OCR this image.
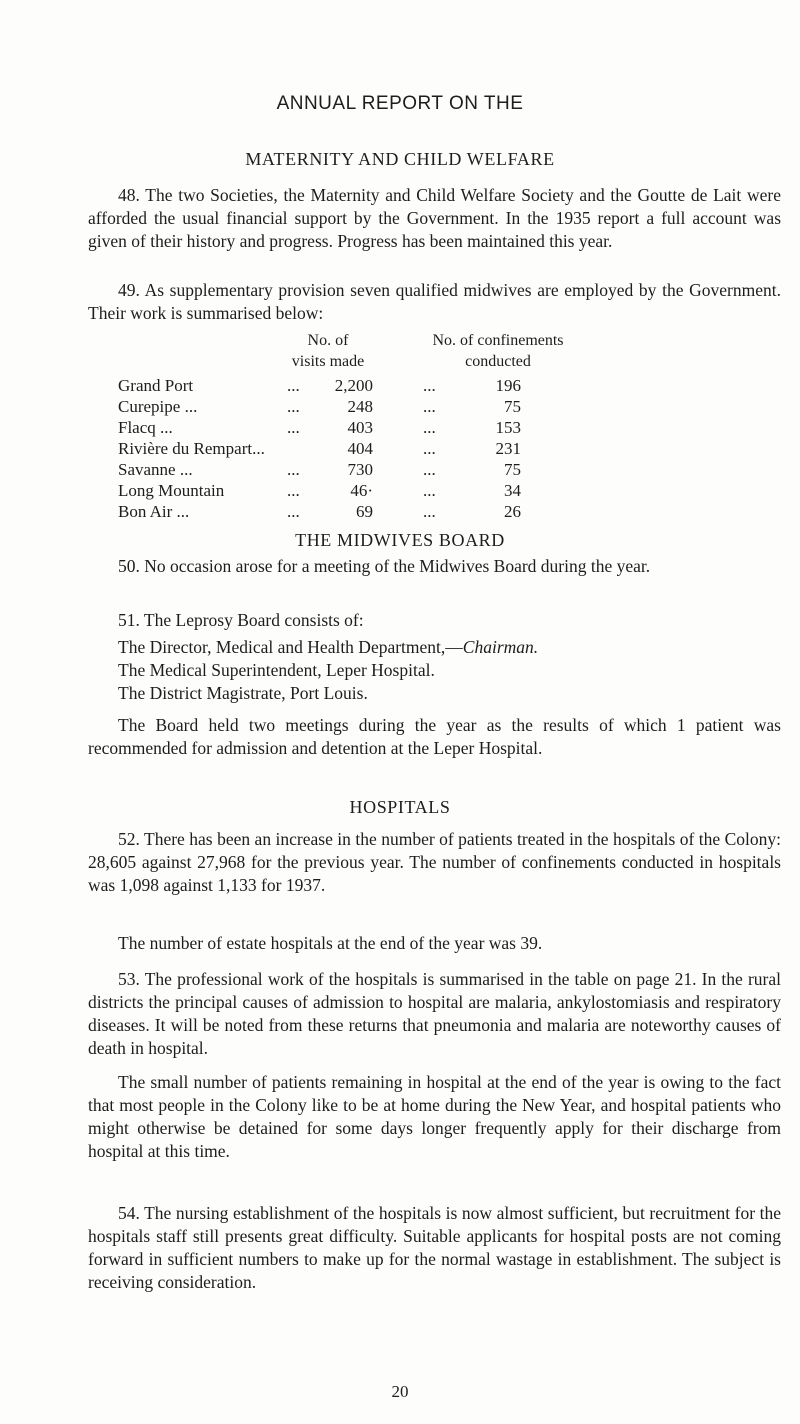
ANNUAL REPORT ON THE
MATERNITY AND CHILD WELFARE

48. The two Societies, the Maternity and Child Welfare Society and the Goutte de Lait were afforded the usual financial support by the Government. In the 1935 report a full account was given of their history and progress. Progress has been maintained this year.

49. As supplementary provision seven qualified midwives are employed by the Government. Their work is summarised below:

No. of
visits made
No. of confinements
conducted
Grand Port	...	2,200	...	196
Curepipe ...	...	248	...	75
Flacq ...	...	403	...	153
Rivière du Rempart...	404	...	231
Savanne ...	...	730	...	75
Long Mountain	...	46·	...	34
Bon Air ...	...	69	...	26
THE MIDWIVES BOARD

50. No occasion arose for a meeting of the Midwives Board during the year.

51. The Leprosy Board consists of:

The Director, Medical and Health Department,—Chairman.
The Medical Superintendent, Leper Hospital.
The District Magistrate, Port Louis.

The Board held two meetings during the year as the results of which 1 patient was recommended for admission and detention at the Leper Hospital.

HOSPITALS

52. There has been an increase in the number of patients treated in the hospitals of the Colony: 28,605 against 27,968 for the previous year. The number of confinements conducted in hospitals was 1,098 against 1,133 for 1937.

The number of estate hospitals at the end of the year was 39.

53. The professional work of the hospitals is summarised in the table on page 21. In the rural districts the principal causes of admission to hospital are malaria, ankylostomiasis and respiratory diseases. It will be noted from these returns that pneumonia and malaria are noteworthy causes of death in hospital.

The small number of patients remaining in hospital at the end of the year is owing to the fact that most people in the Colony like to be at home during the New Year, and hospital patients who might otherwise be detained for some days longer frequently apply for their discharge from hospital at this time.

54. The nursing establishment of the hospitals is now almost sufficient, but recruitment for the hospitals staff still presents great difficulty. Suitable applicants for hospital posts are not coming forward in sufficient numbers to make up for the normal wastage in establishment. The subject is receiving consideration.

20
